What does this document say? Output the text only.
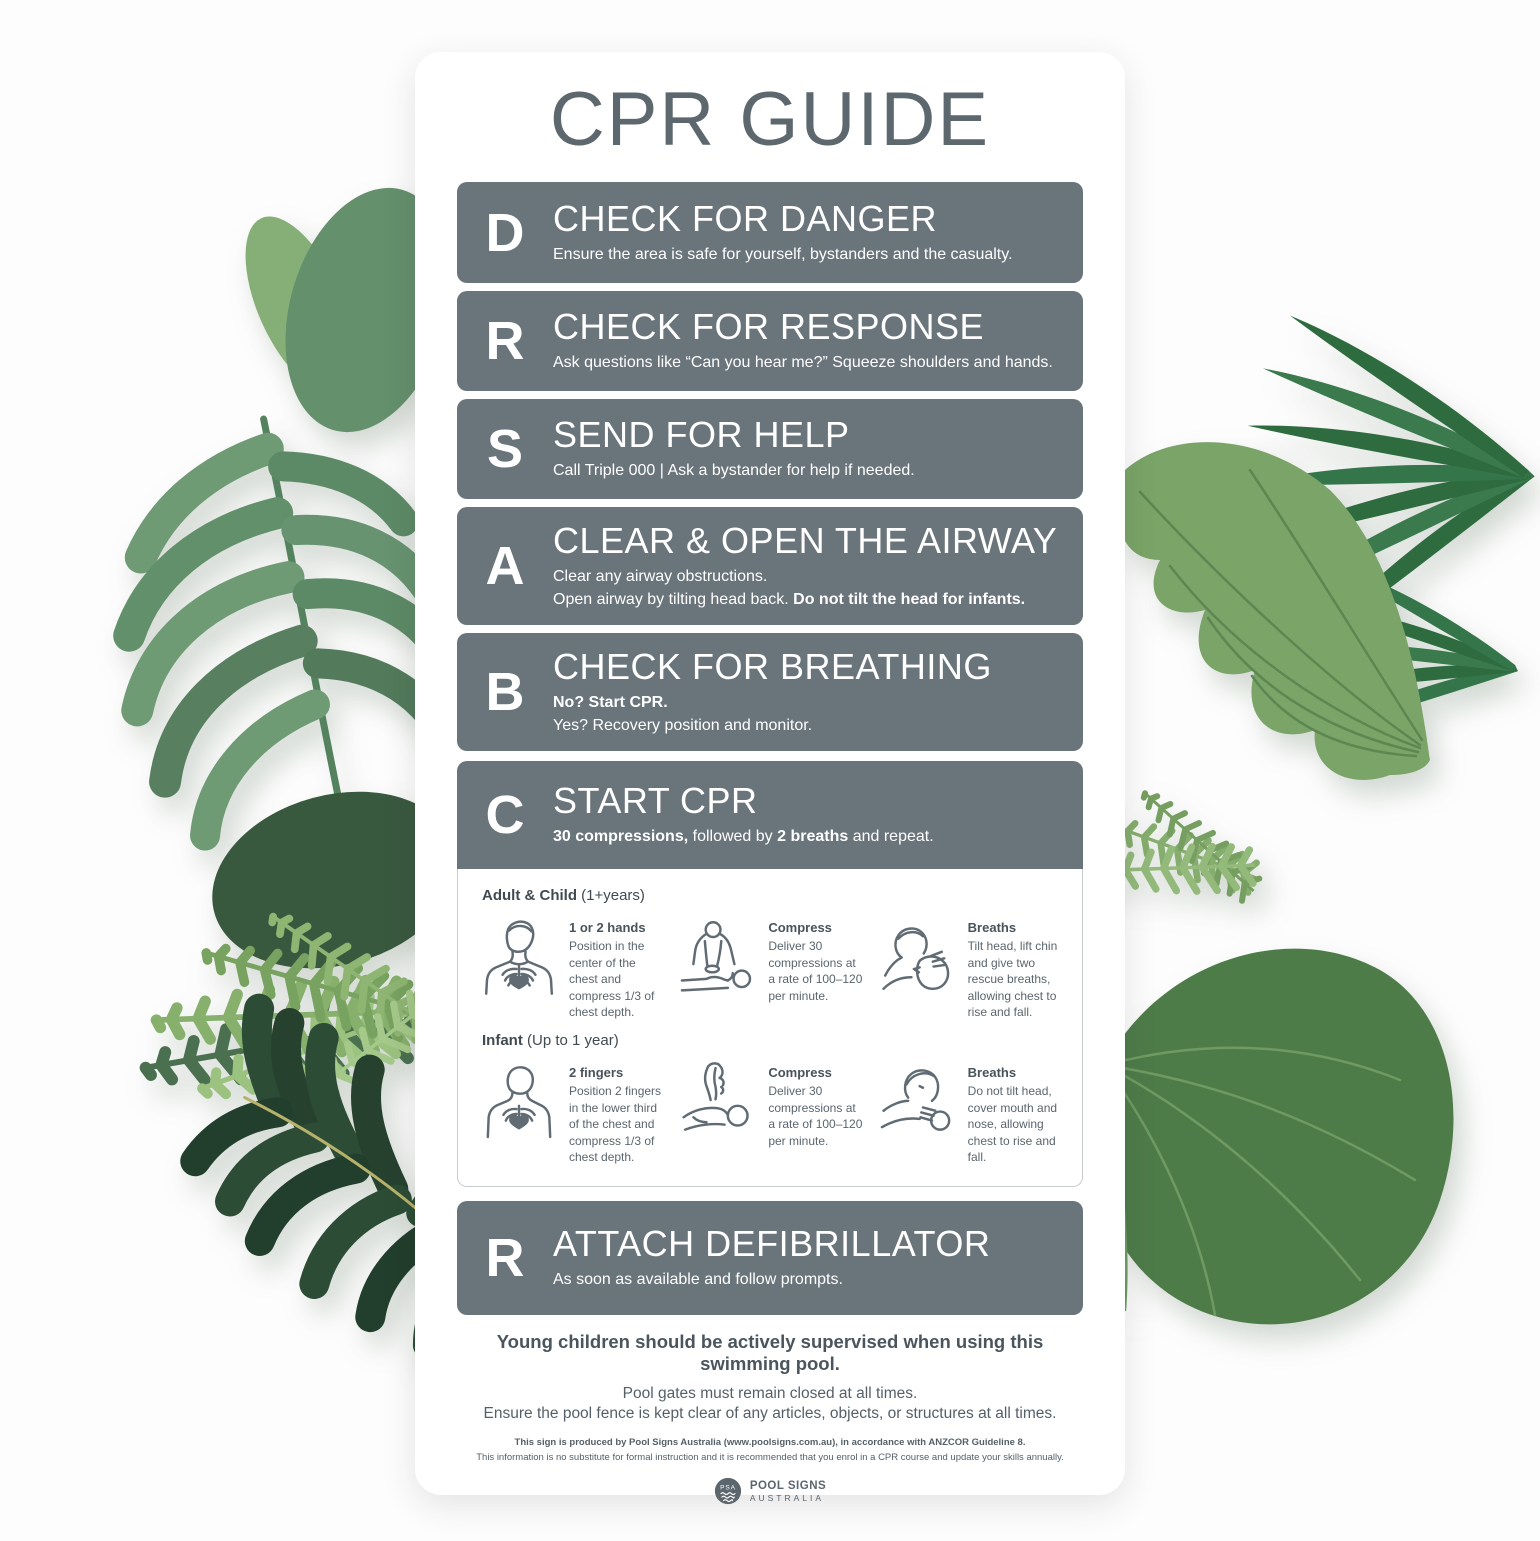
CPR GUIDE
D CHECK FOR DANGER

Ensure the area is safe for yourself, bystanders and the casualty.

R CHECK FOR RESPONSE

Ask questions like “Can you hear me?” Squeeze shoulders and hands.

S SEND FOR HELP

Call Triple 000 | Ask a bystander for help if needed.

A CLEAR & OPEN THE AIRWAY

Clear any airway obstructions.

Open airway by tilting head back. Do not tilt the head for infants.

B CHECK FOR BREATHING

No? Start CPR.

Yes? Recovery position and monitor.

C START CPR

30 compressions, followed by 2 breaths and repeat.

Adult & Child (1+years)
1 or 2 hands

Position in the center of the chest and compress 1/3 of chest depth.

Compress

Deliver 30 compressions at a rate of 100–120 per minute.

Breaths

Tilt head, lift chin and give two rescue breaths, allowing chest to rise and fall.

Infant (Up to 1 year)
2 fingers

Position 2 fingers in the lower third of the chest and compress 1/3 of chest depth.

Compress

Deliver 30 compressions at a rate of 100–120 per minute.

Breaths

Do not tilt head, cover mouth and nose, allowing chest to rise and fall.

R ATTACH DEFIBRILLATOR

As soon as available and follow prompts.

Young children should be actively supervised when using this swimming pool.

Pool gates must remain closed at all times.

Ensure the pool fence is kept clear of any articles, objects, or structures at all times.

This sign is produced by Pool Signs Australia (www.poolsigns.com.au), in accordance with ANZCOR Guideline 8.

This information is no substitute for formal instruction and it is recommended that you enrol in a CPR course and update your skills annually.

PSA POOL SIGNS
AUSTRALIA
